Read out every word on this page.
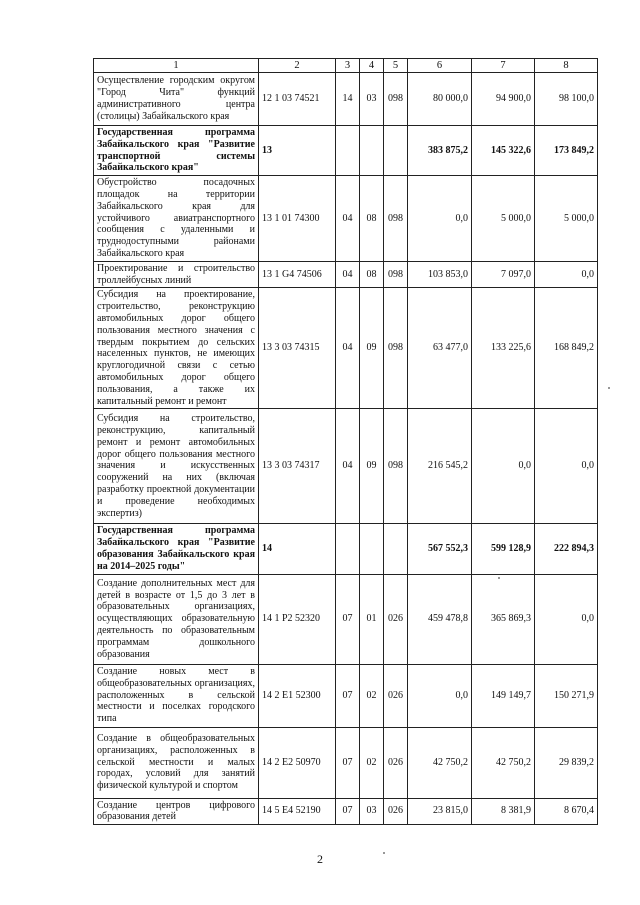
1	2	3	4	5	6	7	8
Осуществление городским округом "Город Чита" функций административного центра (столицы) Забайкальского края	12 1 03 74521	14	03	098	80 000,0	94 900,0	98 100,0
Государственная программа Забайкальского края "Развитие транспортной системы Забайкальского края"	13				383 875,2	145 322,6	173 849,2
Обустройство посадочных площадок на территории Забайкальского края для устойчивого авиатранспортного сообщения с удаленными и труднодоступными районами Забайкальского края	13 1 01 74300	04	08	098	0,0	5 000,0	5 000,0
Проектирование и строительство троллейбусных линий	13 1 G4 74506	04	08	098	103 853,0	7 097,0	0,0
Субсидия на проектирование, строительство, реконструкцию автомобильных дорог общего пользования местного значения с твердым покрытием до сельских населенных пунктов, не имеющих круглогодичной связи с сетью автомобильных дорог общего пользования, а также их капитальный ремонт и ремонт	13 3 03 74315	04	09	098	63 477,0	133 225,6	168 849,2
Субсидия на строительство, реконструкцию, капитальный ремонт и ремонт автомобильных дорог общего пользования местного значения и искусственных сооружений на них (включая разработку проектной документации и проведение необходимых экспертиз)	13 3 03 74317	04	09	098	216 545,2	0,0	0,0
Государственная программа Забайкальского края "Развитие образования Забайкальского края на 2014–2025 годы"	14				567 552,3	599 128,9	222 894,3
Создание дополнительных мест для детей в возрасте от 1,5 до 3 лет в образовательных организациях, осуществляющих образовательную деятельность по образовательным программам дошкольного образования	14 1 P2 52320	07	01	026	459 478,8	365 869,3	0,0
Создание новых мест в общеобразовательных организациях, расположенных в сельской местности и поселках городского типа	14 2 E1 52300	07	02	026	0,0	149 149,7	150 271,9
Создание в общеобразовательных организациях, расположенных в сельской местности и малых городах, условий для занятий физической культурой и спортом	14 2 E2 50970	07	02	026	42 750,2	42 750,2	29 839,2
Создание центров цифрового образования детей	14 5 E4 52190	07	03	026	23 815,0	8 381,9	8 670,4
2
